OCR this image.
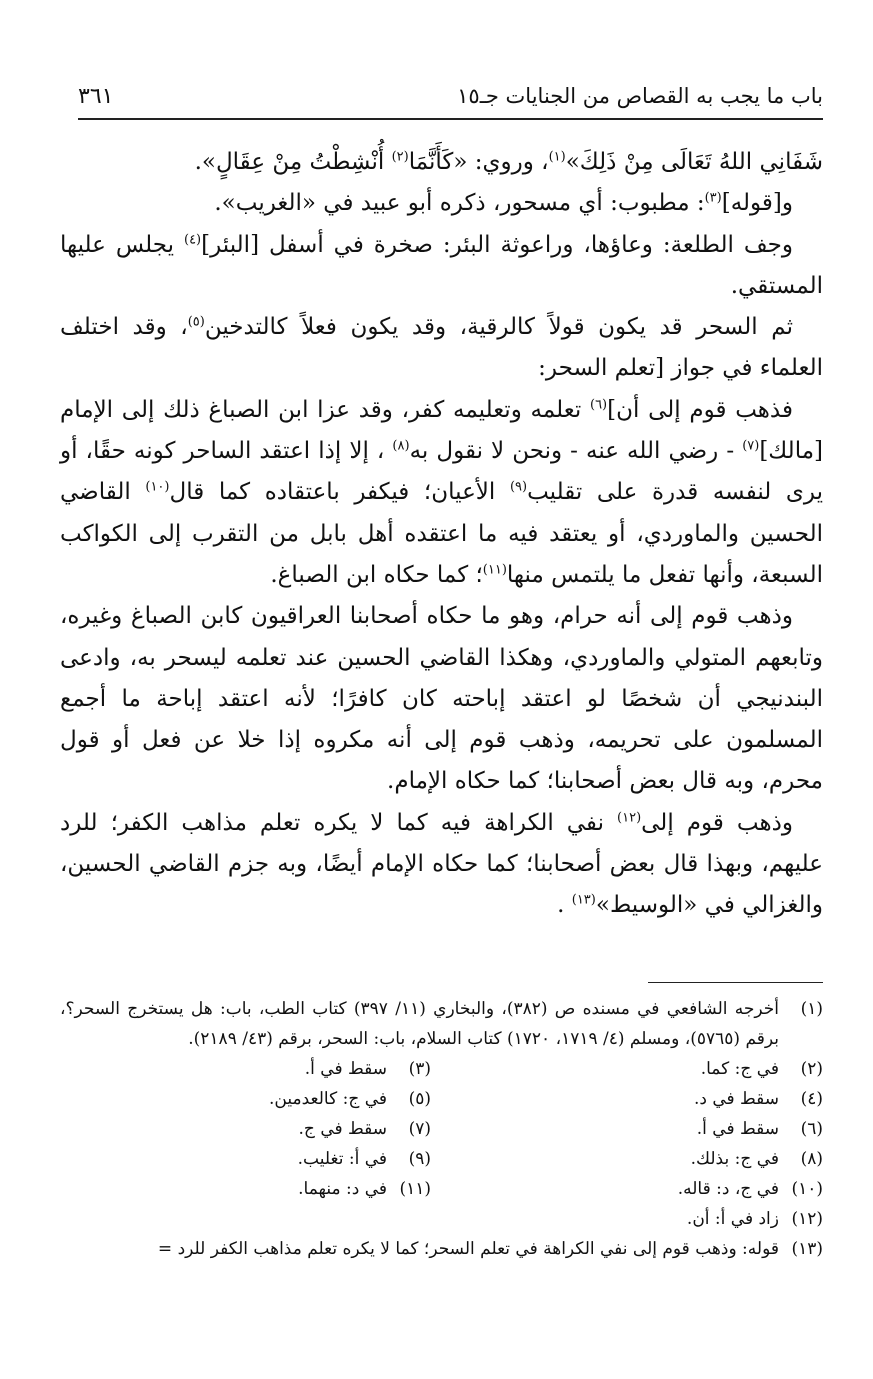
باب ما يجب به القصاص من الجنايات جـ١٥
٣٦١

شَفَانِي اللهُ تَعَالَى مِنْ ذَلِكَ»$^{(١)}$، وروي: «كَأَنَّمَا$^{(٢)}$ أُنْشِطْتُ مِنْ عِقَالٍ».

و[قوله]$^{(٣)}$: مطبوب: أي مسحور، ذكره أبو عبيد في «الغريب».

وجف الطلعة: وعاؤها، وراعوثة البئر: صخرة في أسفل [البئر]$^{(٤)}$ يجلس عليها المستقي.

ثم السحر قد يكون قولاً كالرقية، وقد يكون فعلاً كالتدخين$^{(٥)}$، وقد اختلف العلماء في جواز [تعلم السحر:

فذهب قوم إلى أن]$^{(٦)}$ تعلمه وتعليمه كفر، وقد عزا ابن الصباغ ذلك إلى الإمام [مالك]$^{(٧)}$ - رضي الله عنه - ونحن لا نقول به$^{(٨)}$ ، إلا إذا اعتقد الساحر كونه حقًا، أو يرى لنفسه قدرة على تقليب$^{(٩)}$ الأعيان؛ فيكفر باعتقاده كما قال$^{(١٠)}$ القاضي الحسين والماوردي، أو يعتقد فيه ما اعتقده أهل بابل من التقرب إلى الكواكب السبعة، وأنها تفعل ما يلتمس منها$^{(١١)}$؛ كما حكاه ابن الصباغ.

وذهب قوم إلى أنه حرام، وهو ما حكاه أصحابنا العراقيون كابن الصباغ وغيره، وتابعهم المتولي والماوردي، وهكذا القاضي الحسين عند تعلمه ليسحر به، وادعى البندنيجي أن شخصًا لو اعتقد إباحته كان كافرًا؛ لأنه اعتقد إباحة ما أجمع المسلمون على تحريمه، وذهب قوم إلى أنه مكروه إذا خلا عن فعل أو قول محرم، وبه قال بعض أصحابنا؛ كما حكاه الإمام.

وذهب قوم إلى$^{(١٢)}$ نفي الكراهة فيه كما لا يكره تعلم مذاهب الكفر؛ للرد عليهم، وبهذا قال بعض أصحابنا؛ كما حكاه الإمام أيضًا، وبه جزم القاضي الحسين، والغزالي في «الوسيط»$^{(١٣)}$ .

(١)
أخرجه الشافعي في مسنده ص (٣٨٢)، والبخاري (١١/ ٣٩٧) كتاب الطب، باب: هل يستخرج السحر؟، برقم (٥٧٦٥)، ومسلم (٤/ ١٧١٩، ١٧٢٠) كتاب السلام، باب: السحر، برقم (٤٣/ ٢١٨٩).
(٢)
في ج: كما.
(٣)
سقط في أ.
(٤)
سقط في د.
(٥)
في ج: كالعدمين.
(٦)
سقط في أ.
(٧)
سقط في ج.
(٨)
في ج: بذلك.
(٩)
في أ: تغليب.
(١٠)
في ج، د: قاله.
(١١)
في د: منهما.
(١٢)
زاد في أ: أن.
(١٣)
قوله: وذهب قوم إلى نفي الكراهة في تعلم السحر؛ كما لا يكره تعلم مذاهب الكفر للرد =
